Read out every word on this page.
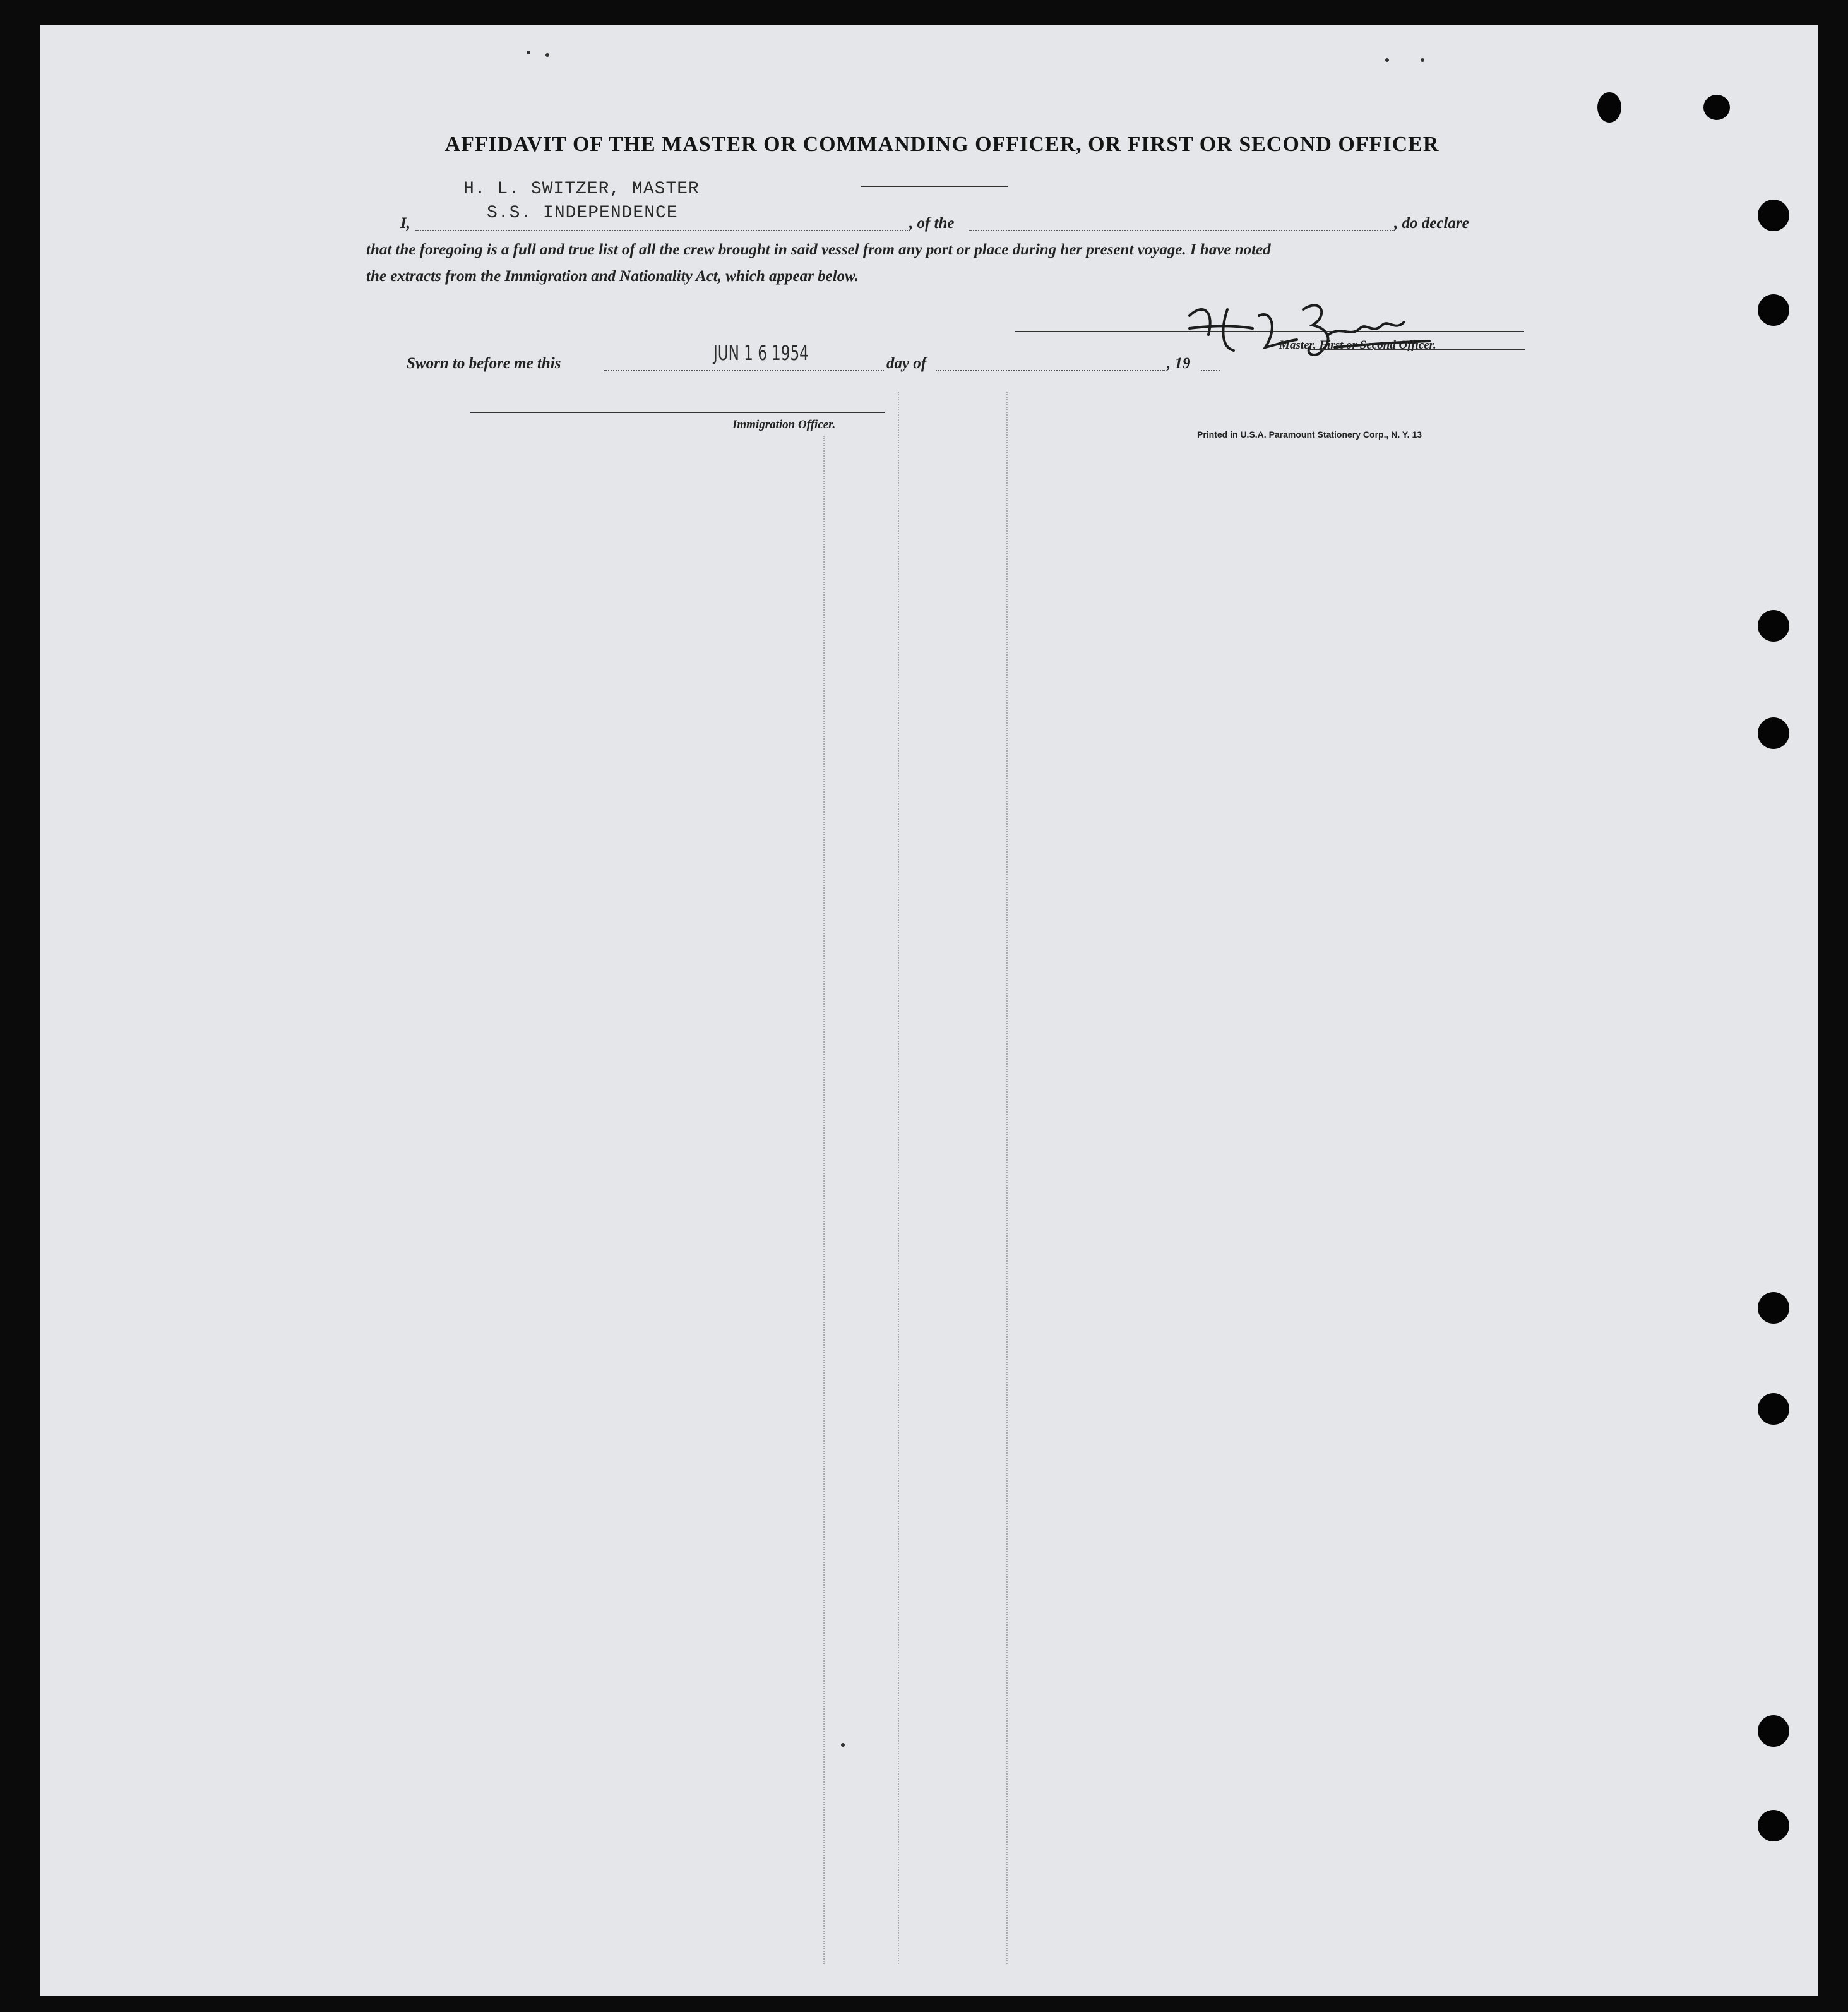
AFFIDAVIT OF THE MASTER OR COMMANDING OFFICER, OR FIRST OR SECOND OFFICER
H. L. SWITZER, MASTER
S.S. INDEPENDENCE
I,	, of the	, do declare
that the foregoing is a full and true list of all the crew brought in said vessel from any port or place during her present voyage. I have noted
the extracts from the Immigration and Nationality Act, which appear below.
Master, First or Second Officer.
JUN 1 6 1954
Sworn to before me this	day of	, 19
Immigration Officer.
Printed in U.S.A. Paramount Stationery Corp., N. Y. 13
